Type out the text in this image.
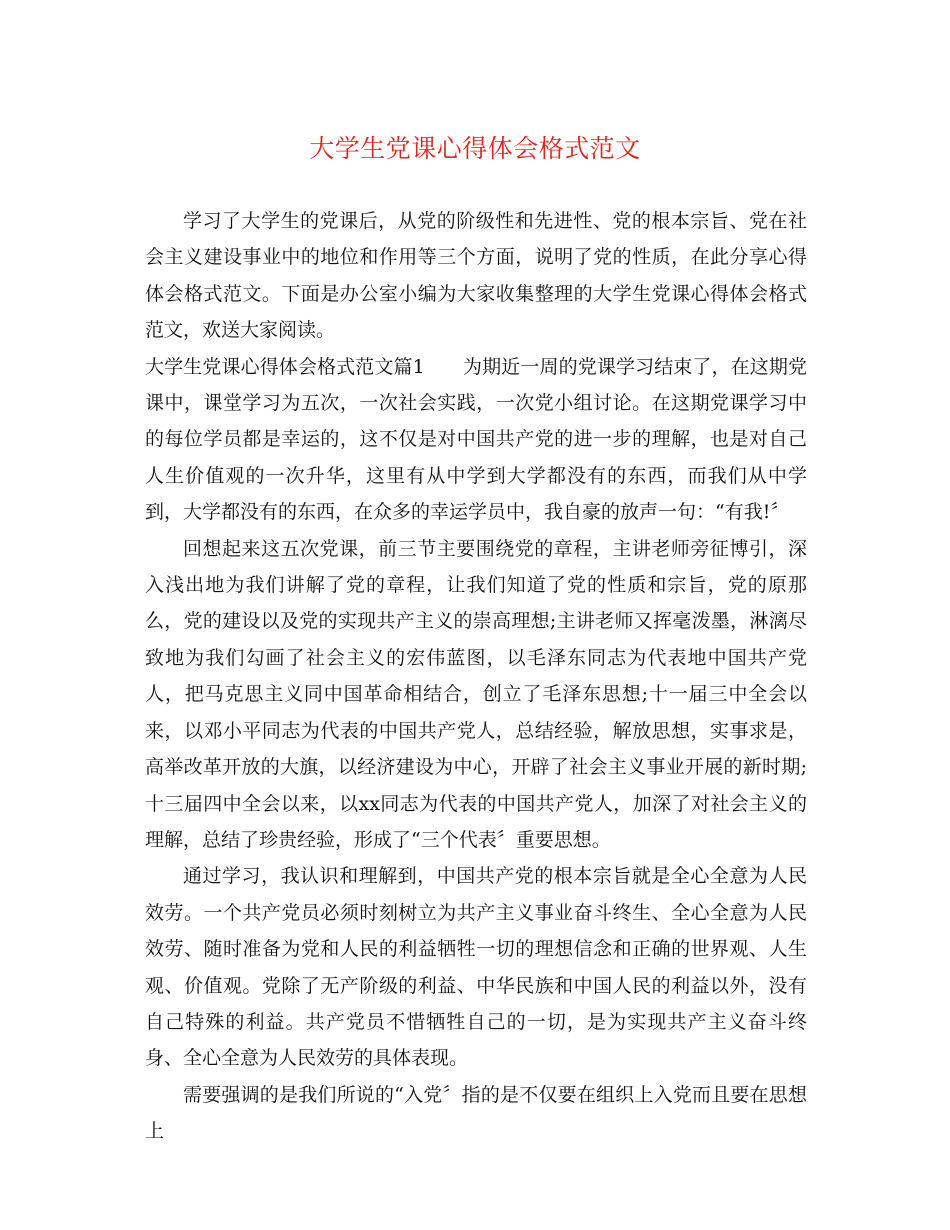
大学生党课心得体会格式范文

学习了大学生的党课后，从党的阶级性和先进性、党的根本宗旨、党在社会主义建设事业中的地位和作用等三个方面，说明了党的性质，在此分享心得体会格式范文。下面是办公室小编为大家收集整理的大学生党课心得体会格式范文，欢送大家阅读。

大学生党课心得体会格式范文篇1　　为期近一周的党课学习结束了，在这期党课中，课堂学习为五次，一次社会实践，一次党小组讨论。在这期党课学习中的每位学员都是幸运的，这不仅是对中国共产党的进一步的理解，也是对自己人生价值观的一次升华，这里有从中学到大学都没有的东西，而我们从中学到，大学都没有的东西，在众多的幸运学员中，我自豪的放声一句：“有我!〞

回想起来这五次党课，前三节主要围绕党的章程，主讲老师旁征博引，深入浅出地为我们讲解了党的章程，让我们知道了党的性质和宗旨，党的原那么，党的建设以及党的实现共产主义的崇高理想;主讲老师又挥毫泼墨，淋漓尽致地为我们勾画了社会主义的宏伟蓝图，以毛泽东同志为代表地中国共产党人，把马克思主义同中国革命相结合，创立了毛泽东思想;十一届三中全会以来，以邓小平同志为代表的中国共产党人，总结经验，解放思想，实事求是，高举改革开放的大旗，以经济建设为中心，开辟了社会主义事业开展的新时期;十三届四中全会以来，以xx同志为代表的中国共产党人，加深了对社会主义的理解，总结了珍贵经验，形成了“三个代表〞重要思想。

通过学习，我认识和理解到，中国共产党的根本宗旨就是全心全意为人民效劳。一个共产党员必须时刻树立为共产主义事业奋斗终生、全心全意为人民效劳、随时准备为党和人民的利益牺牲一切的理想信念和正确的世界观、人生观、价值观。党除了无产阶级的利益、中华民族和中国人民的利益以外，没有自己特殊的利益。共产党员不惜牺牲自己的一切，是为实现共产主义奋斗终身、全心全意为人民效劳的具体表现。

需要强调的是我们所说的“入党〞指的是不仅要在组织上入党而且要在思想上
